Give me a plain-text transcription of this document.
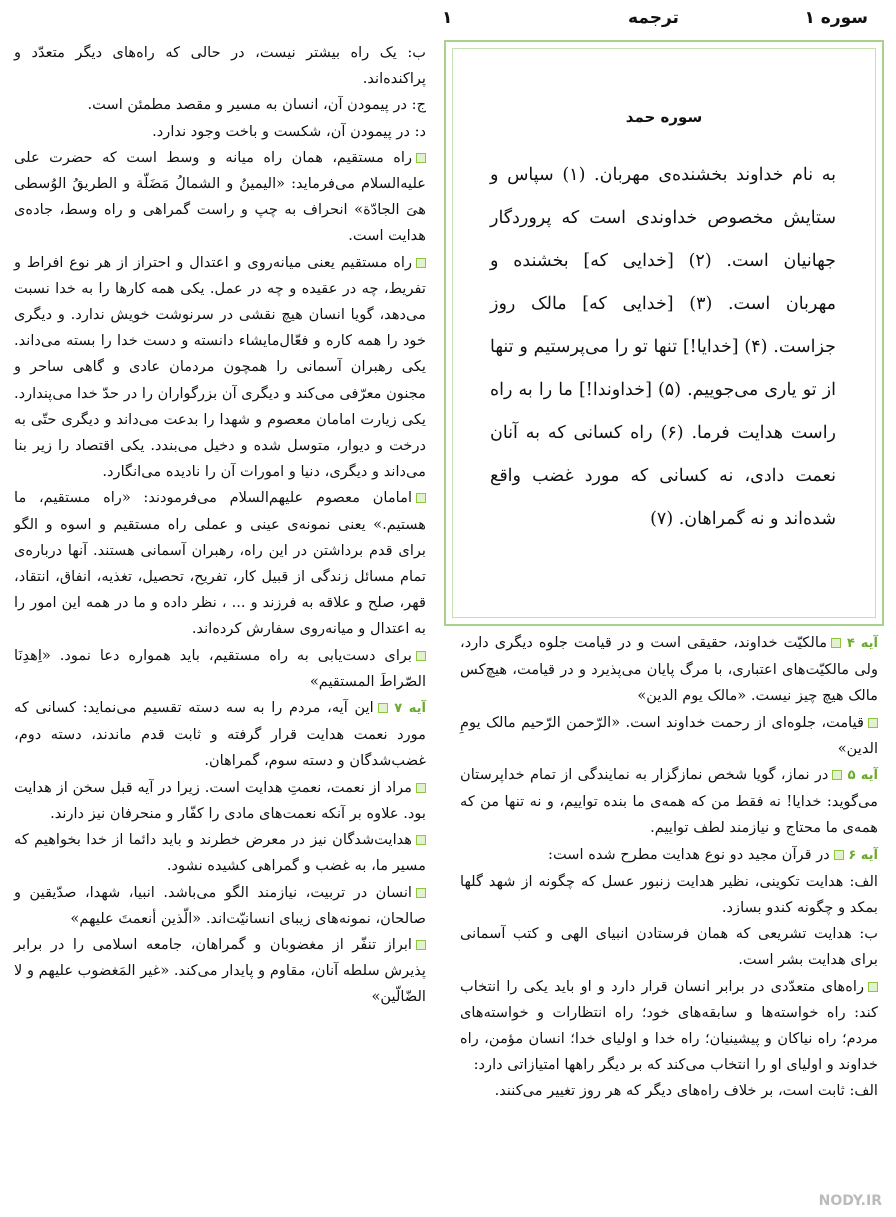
سوره ۱
ترجمه
۱

ب: یک راه بیشتر نیست، در حالی که راه‌های دیگر متعدّد و پراکنده‌اند.

ج: در پیمودن آن، انسان به مسیر و مقصد مطمئن است.

د: در پیمودن آن، شکست و باخت وجود ندارد.

راه مستقیم، همان راه میانه و وسط است که حضرت علی علیه‌السلام می‌فرماید: «الیمینُ و الشمالُ مَضَلّة و الطریقُ الوُسطی هیَ الجادّة» انحراف به چپ و راست گمراهی و راه وسط، جاده‌ی هدایت است.

راه مستقیم یعنی میانه‌روی و اعتدال و احتراز از هر نوع افراط و تفریط، چه در عقیده و چه در عمل. یکی همه کارها را به خدا نسبت می‌دهد، گویا انسان هیچ نقشی در سرنوشت خویش ندارد. و دیگری خود را همه کاره و فعّال‌مایشاء دانسته و دست خدا را بسته می‌داند. یکی رهبران آسمانی را همچون مردمان عادی و گاهی ساحر و مجنون معرّفی می‌کند و دیگری آن بزرگواران را در حدّ خدا می‌پندارد. یکی زیارت امامان معصوم و شهدا را بدعت می‌داند و دیگری حتّی به درخت و دیوار، متوسل شده و دخیل می‌بندد. یکی اقتصاد را زیر بنا می‌داند و دیگری، دنیا و امورات آن را نادیده می‌انگارد.

امامان معصوم علیهم‌السلام می‌فرمودند: «راه مستقیم، ما هستیم.» یعنی نمونه‌ی عینی و عملی راه مستقیم و اسوه و الگو برای قدم برداشتن در این راه، رهبران آسمانی هستند. آنها درباره‌ی تمام مسائل زندگی از قبیل کار، تفریح، تحصیل، تغذیه، انفاق، انتقاد، قهر، صلح و علاقه به فرزند و ... ، نظر داده و ما در همه این امور را به اعتدال و میانه‌روی سفارش کرده‌اند.

برای دست‌یابی به راه مستقیم، باید همواره دعا نمود. «اِهدِنَا الصّراطَ المستقیم»

آیه ۷ این آیه، مردم را به سه دسته تقسیم می‌نماید: کسانی که مورد نعمت هدایت قرار گرفته و ثابت قدم ماندند، دسته دوم، غضب‌شدگان و دسته سوم، گمراهان.

مراد از نعمت، نعمتِ هدایت است. زیرا در آیه قبل سخن از هدایت بود. علاوه بر آنکه نعمت‌های مادی را کفّار و منحرفان نیز دارند.

هدایت‌شدگان نیز در معرض خطرند و باید دائما از خدا بخواهیم که مسیر ما، به غضب و گمراهی کشیده نشود.

انسان در تربیت، نیازمند الگو می‌باشد. انبیا، شهدا، صدّیقین و صالحان، نمونه‌های زیبای انسانیّت‌اند. «الّذین أنعمتَ علیهم»

ابراز تنفّر از مغضوبان و گمراهان، جامعه اسلامی را در برابر پذیرش سلطه آنان، مقاوم و پایدار می‌کند. «غیر المَغضوب علیهم و لا الضّالّین»

سوره حمد
به نام خداوند بخشنده‌ی مهربان. (۱) سپاس و ستایش مخصوص خداوندی است که پروردگار جهانیان است. (۲) [خدایی که] بخشنده و مهربان است. (۳) [خدایی که] مالک روز جزاست. (۴) [خدایا!] تنها تو را می‌پرستیم و تنها از تو یاری می‌جوییم. (۵) [خداوندا!] ما را به راه راست هدایت فرما. (۶) راه کسانی که به آنان نعمت دادی، نه کسانی که مورد غضب واقع شده‌اند و نه گمراهان. (۷)

آیه ۴ مالکیّت خداوند، حقیقی است و در قیامت جلوه دیگری دارد، ولی مالکیّت‌های اعتباری، با مرگ پایان می‌پذیرد و در قیامت، هیچ‌کس مالک هیچ چیز نیست. «مالک یوم الدین»

قیامت، جلوه‌ای از رحمت خداوند است. «الرّحمن الرّحیم مالک یومِ الدین»

آیه ۵ در نماز، گویا شخص نمازگزار به نمایندگی از تمام خداپرستان می‌گوید: خدایا! نه فقط من که همه‌ی ما بنده تواییم، و نه تنها من که همه‌ی ما محتاج و نیازمند لطف تواییم.

آیه ۶ در قرآن مجید دو نوع هدایت مطرح شده است:

الف: هدایت تکوینی، نظیر هدایت زنبور عسل که چگونه از شهد گلها بمکد و چگونه کندو بسازد.

ب: هدایت تشریعی که همان فرستادن انبیای الهی و کتب آسمانی برای هدایت بشر است.

راه‌های متعدّدی در برابر انسان قرار دارد و او باید یکی را انتخاب کند: راه خواسته‌ها و سابقه‌های خود؛ راه انتظارات و خواسته‌های مردم؛ راه نیاکان و پیشینیان؛ راه خدا و اولیای خدا؛ انسان مؤمن، راه خداوند و اولیای او را انتخاب می‌کند که بر دیگر راهها امتیازاتی دارد:

الف: ثابت است، بر خلاف راه‌های دیگر که هر روز تغییر می‌کنند.

NODY.IR
